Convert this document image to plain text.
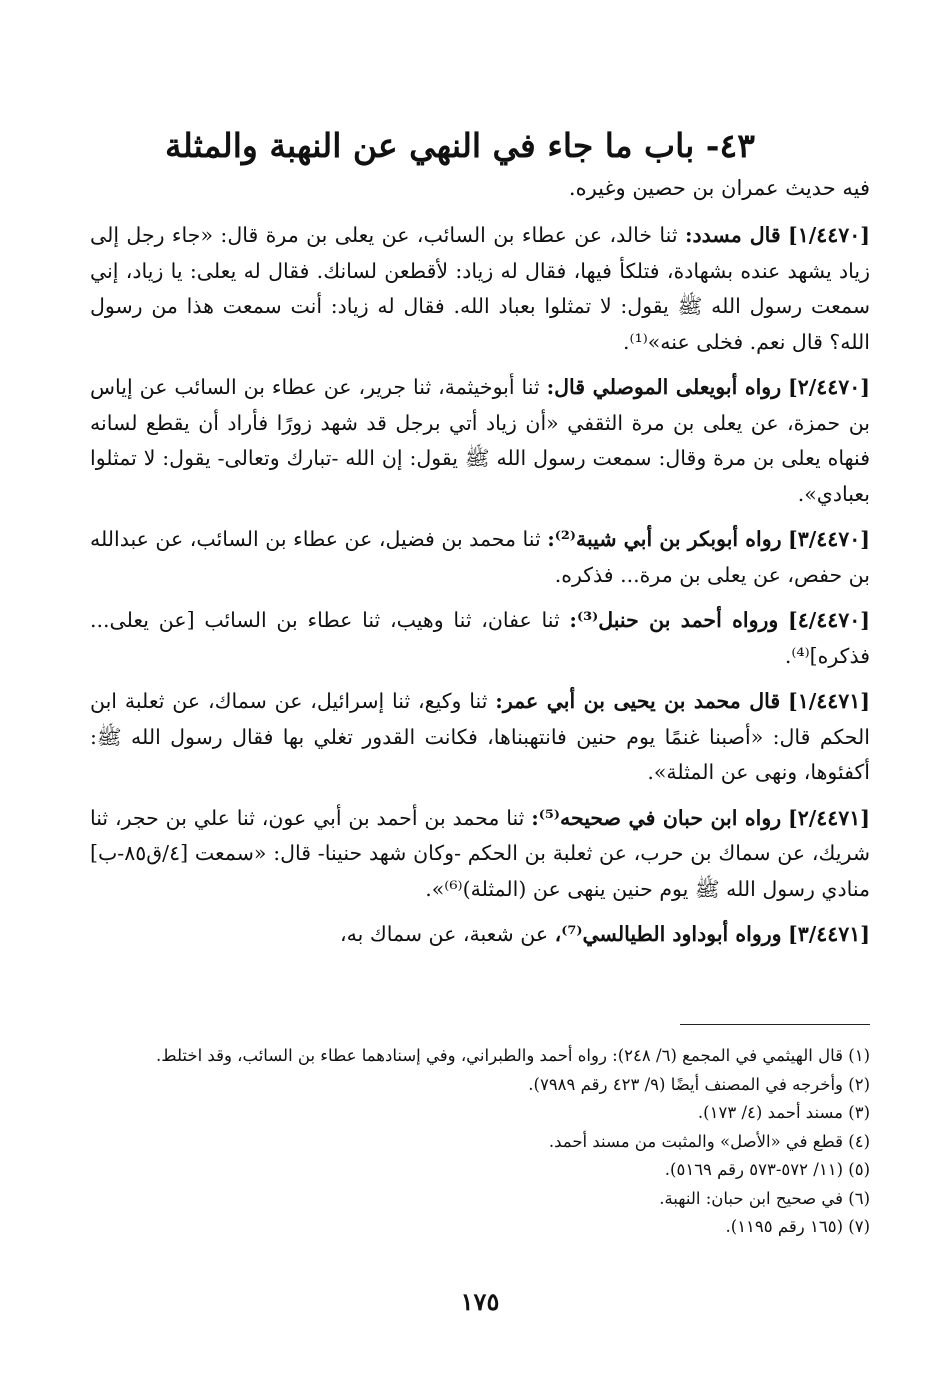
٤٣- باب ما جاء في النهي عن النهبة والمثلة
فيه حديث عمران بن حصين وغيره.

[١/٤٤٧٠] قال مسدد: ثنا خالد، عن عطاء بن السائب، عن يعلى بن مرة قال: «جاء رجل إلى زياد يشهد عنده بشهادة، فتلكأ فيها، فقال له زياد: لأقطعن لسانك. فقال له يعلى: يا زياد، إني سمعت رسول الله ﷺ يقول: لا تمثلوا بعباد الله. فقال له زياد: أنت سمعت هذا من رسول الله؟ قال نعم. فخلى عنه»⁽¹⁾.

[٢/٤٤٧٠] رواه أبويعلى الموصلي قال: ثنا أبوخيثمة، ثنا جرير، عن عطاء بن السائب عن إياس بن حمزة، عن يعلى بن مرة الثقفي «أن زياد أتي برجل قد شهد زورًا فأراد أن يقطع لسانه فنهاه يعلى بن مرة وقال: سمعت رسول الله ﷺ يقول: إن الله -تبارك وتعالى- يقول: لا تمثلوا بعبادي».

[٣/٤٤٧٠] رواه أبوبكر بن أبي شيبة⁽²⁾: ثنا محمد بن فضيل، عن عطاء بن السائب، عن عبدالله بن حفص، عن يعلى بن مرة... فذكره.

[٤/٤٤٧٠] ورواه أحمد بن حنبل⁽³⁾: ثنا عفان، ثنا وهيب، ثنا عطاء بن السائب [عن يعلى... فذكره]⁽⁴⁾.

[١/٤٤٧١] قال محمد بن يحيى بن أبي عمر: ثنا وكيع، ثنا إسرائيل، عن سماك، عن ثعلبة ابن الحكم قال: «أصبنا غنمًا يوم حنين فانتهبناها، فكانت القدور تغلي بها فقال رسول الله ﷺ: أكفئوها، ونهى عن المثلة».

[٢/٤٤٧١] رواه ابن حبان في صحيحه⁽⁵⁾: ثنا محمد بن أحمد بن أبي عون، ثنا علي بن حجر، ثنا شريك، عن سماك بن حرب، عن ثعلبة بن الحكم -وكان شهد حنينا- قال: «سمعت [٤/ق٨٥-ب] منادي رسول الله ﷺ يوم حنين ينهى عن (المثلة)⁽⁶⁾».

[٣/٤٤٧١] ورواه أبوداود الطيالسي⁽⁷⁾، عن شعبة، عن سماك به،

(١) قال الهيثمي في المجمع (٦/ ٢٤٨): رواه أحمد والطبراني، وفي إسنادهما عطاء بن السائب، وقد اختلط.
(٢) وأخرجه في المصنف أيضًا (٩/ ٤٢٣ رقم ٧٩٨٩).
(٣) مسند أحمد (٤/ ١٧٣).
(٤) قطع في «الأصل» والمثبت من مسند أحمد.
(٥) (١١/ ٥٧٢-٥٧٣ رقم ٥١٦٩).
(٦) في صحيح ابن حبان: النهبة.
(٧) (١٦٥ رقم ١١٩٥).
١٧٥
